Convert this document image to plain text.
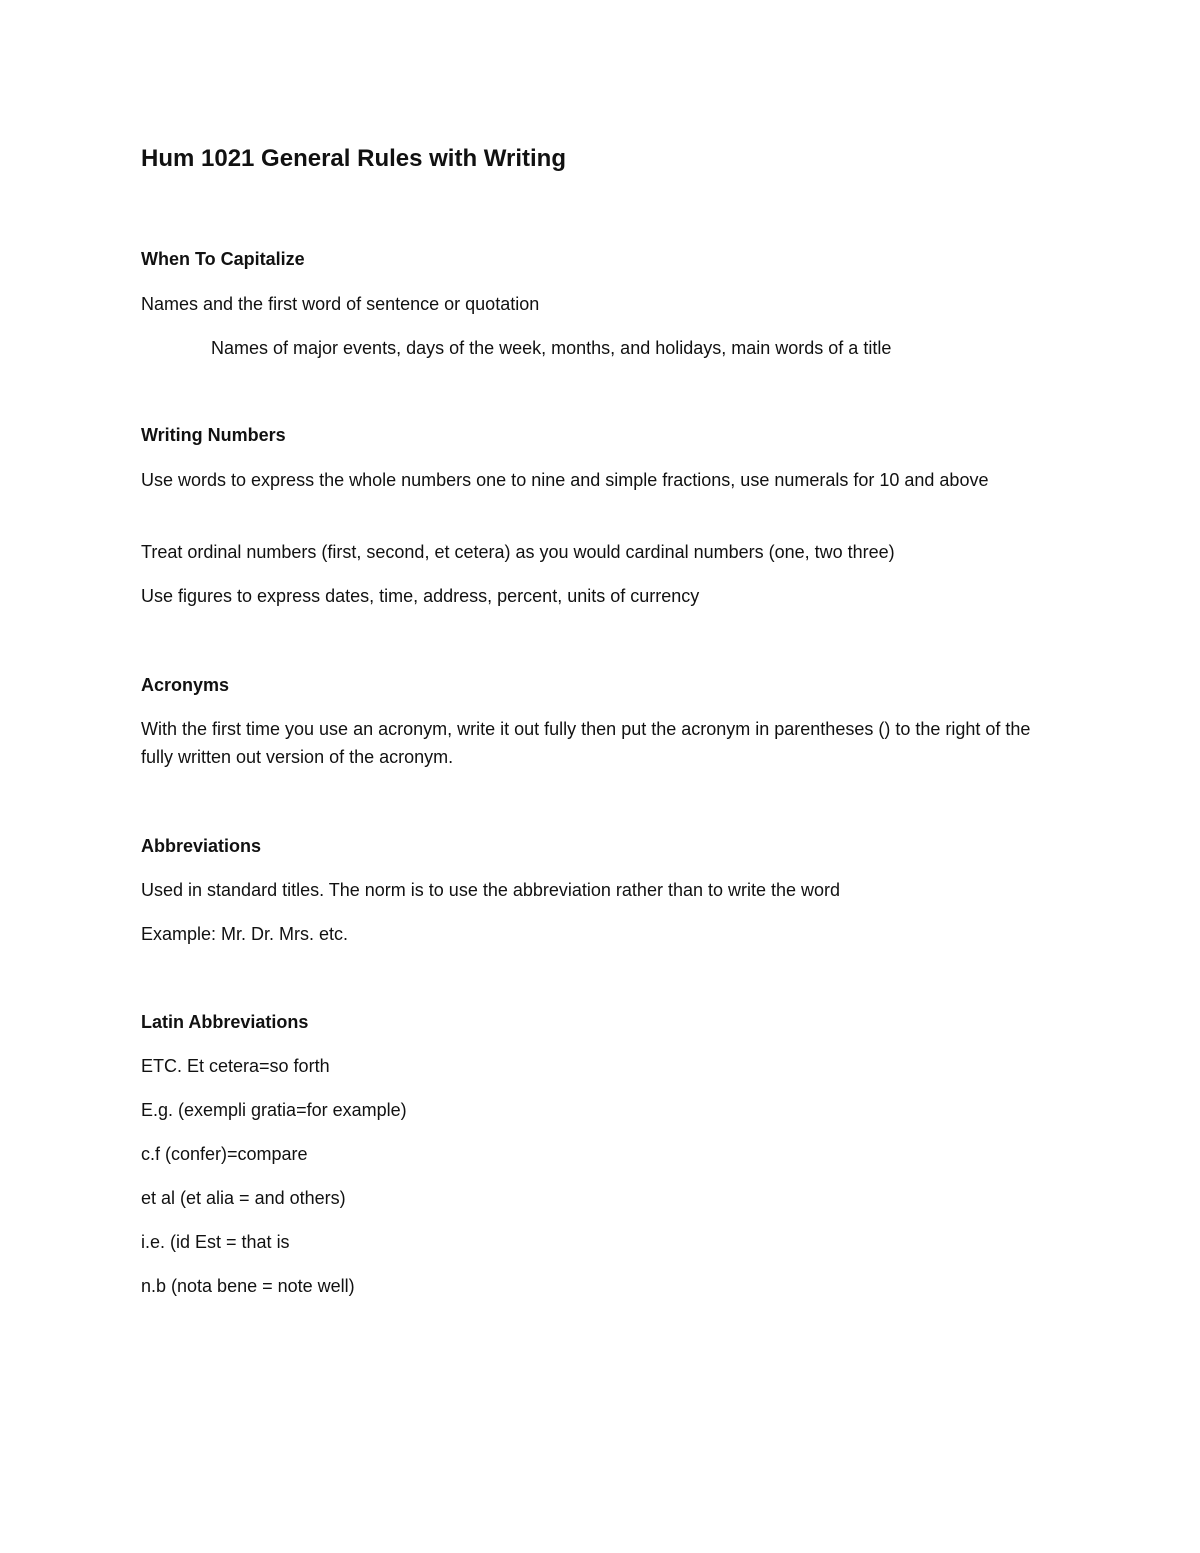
Hum 1021 General Rules with Writing
When To Capitalize

Names and the first word of sentence or quotation

Names of major events, days of the week, months, and holidays, main words of a title

Writing Numbers

Use words to express the whole numbers one to nine and simple fractions, use numerals for 10 and above

Treat ordinal numbers (first, second, et cetera) as you would cardinal numbers (one, two three)

Use figures to express dates, time, address, percent, units of currency

Acronyms

With the first time you use an acronym, write it out fully then put the acronym in parentheses () to the right of the fully written out version of the acronym.

Abbreviations

Used in standard titles. The norm is to use the abbreviation rather than to write the word

Example: Mr. Dr. Mrs. etc.

Latin Abbreviations

ETC. Et cetera=so forth

E.g. (exempli gratia=for example)

c.f (confer)=compare

et al (et alia = and others)

i.e. (id Est = that is

n.b (nota bene = note well)
